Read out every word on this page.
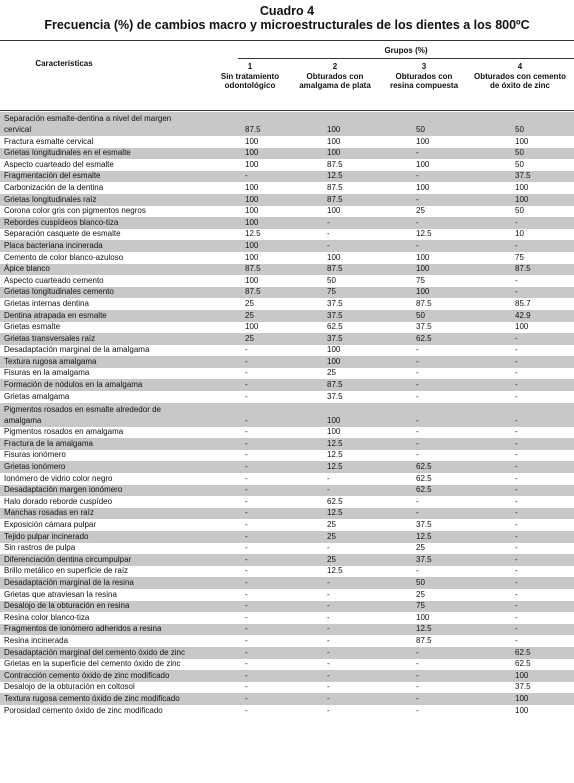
Cuadro 4
Frecuencia (%) de cambios macro y microestructurales de los dientes a los 800ºC
Características
Grupos (%)
1
Sin tratamiento
odontológico
2
Obturados con
amalgama de plata
3
Obturados con
resina compuesta
4
Obturados con cemento
de óxito de zinc
Separación esmalte-dentina a nivel del margen
cervical	87.5	100	50	50
Fractura esmalte cervical	100	100	100	100
Grietas longitudinales en el esmalte	100	100	-	50
Aspecto cuarteado del esmalte	100	87.5	100	50
Fragmentación del esmalte	-	12.5	-	37.5
Carbonización de la dentina	100	87.5	100	100
Grietas longitudinales raíz	100	87.5	-	100
Corona color gris con pigmentos negros	100	100	25	50
Rebordes cuspídeos blanco-tiza	100	-	-	-
Separación casquete de esmalte	12.5	-	12.5	10
Placa bacteriana incinerada	100	-	-	-
Cemento de color blanco-azuloso	100	100	100	75
Ápice blanco	87.5	87.5	100	87.5
Aspecto cuarteado cemento	100	50	75	-
Grietas longitudinales cemento	87.5	75	100	-
Grietas internas dentina	25	37.5	87.5	85.7
Dentina atrapada en esmalte	25	37.5	50	42.9
Grietas esmalte	100	62.5	37.5	100
Grietas transversales raíz	25	37.5	62.5	-
Desadaptación marginal de la amalgama	-	100	-	-
Textura rugosa amalgama	-	100	-	-
Fisuras en la amalgama	-	25	-	-
Formación de nódulos en la amalgama	-	87.5	-	-
Grietas amalgama	-	37.5	-	-
Pigmentos rosados en esmalte alrededor de
amalgama	-	100	-	-
Pigmentos rosados en amalgama	-	100	-	-
Fractura de la amalgama	-	12.5	-	-
Fisuras ionómero	-	12.5	-	-
Grietas ionómero	-	12.5	62.5	-
Ionómero de vidrio color negro	-	-	62.5	-
Desadaptación margen ionómero	-	-	62.5	-
Halo dorado reborde cuspídeo	-	62.5	-	-
Manchas rosadas en raíz	-	12.5	-	-
Exposición cámara pulpar	-	25	37.5	-
Tejido pulpar incinerado	-	25	12.5	-
Sin rastros de pulpa	-	-	25	-
Diferenciación dentina circumpulpar	-	25	37.5	-
Brillo metálico en superficie de raíz	-	12.5	-	-
Desadaptación marginal de la resina	-	-	50	-
Grietas que atraviesan la resina	-	-	25	-
Desalojo de la obturación en resina	-	-	75	-
Resina color blanco-tiza	-	-	100	-
Fragmentos de ionómero adheridos a resina	-	-	12.5	-
Resina incinerada	-	-	87.5	-
Desadaptación marginal del cemento óxido de zinc	-	-	-	62.5
Grietas en la superficie del cemento óxido de zinc	-	-	-	62.5
Contracción cemento óxido de zinc modificado	-	-	-	100
Desalojo de la obturación en coltosol	-	-	-	37.5
Textura rugosa cemento óxido de zinc modificado	-	-	-	100
Porosidad cemento óxido de zinc modificado	-	-	-	100
